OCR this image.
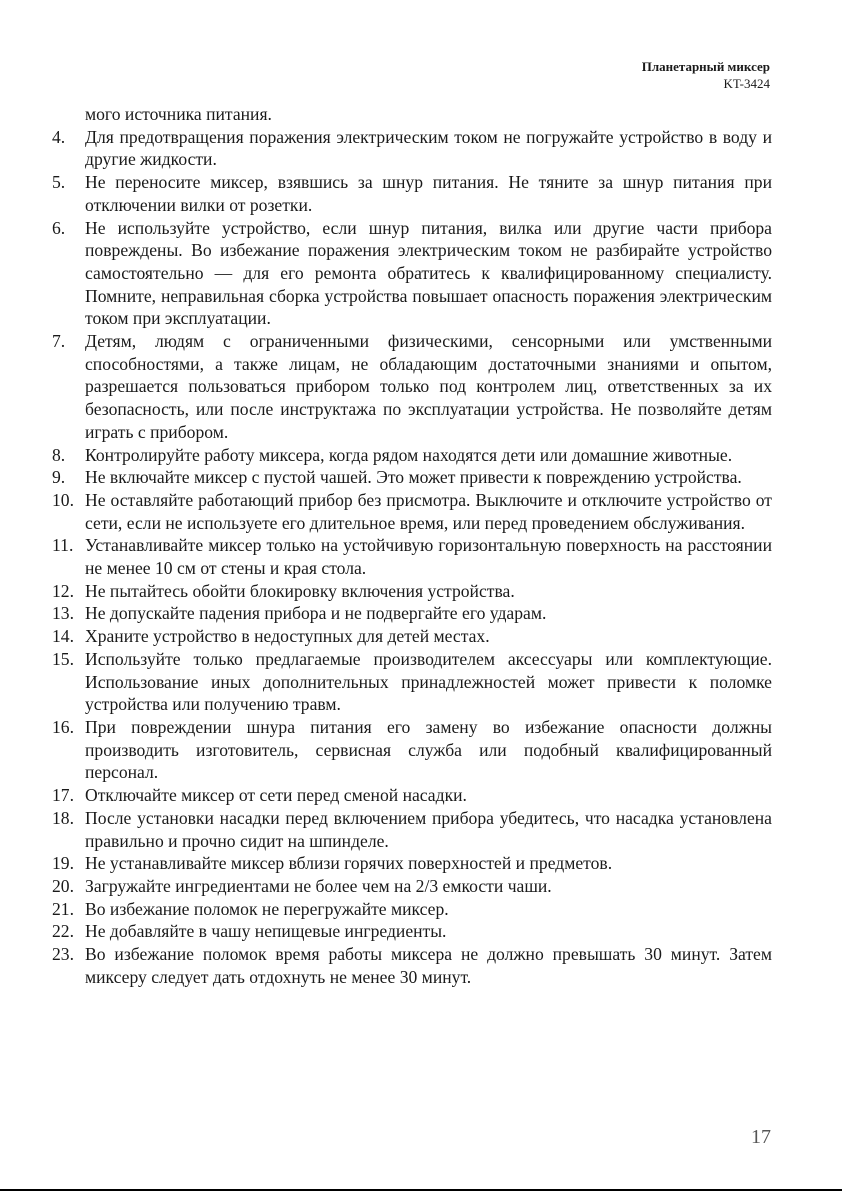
Планетарный миксер
KT-3424
мого источника питания.
4.	Для предотвращения поражения электрическим током не погружайте устройство в воду и другие жидкости.
5.	Не переносите миксер, взявшись за шнур питания. Не тяните за шнур питания при отключении вилки от розетки.
6.	Не используйте устройство, если шнур питания, вилка или другие части прибора повреждены. Во избежание поражения электрическим током не разбирайте устройство самостоятельно — для его ремонта обратитесь к квалифицированному специалисту. Помните, неправильная сборка устройства повышает опасность поражения электрическим током при эксплуатации.
7.	Детям, людям с ограниченными физическими, сенсорными или умственными способностями, а также лицам, не обладающим достаточными знаниями и опытом, разрешается пользоваться прибором только под контролем лиц, ответственных за их безопасность, или после инструктажа по эксплуатации устройства. Не позволяйте детям играть с прибором.
8.	Контролируйте работу миксера, когда рядом находятся дети или домашние животные.
9.	Не включайте миксер с пустой чашей. Это может привести к повреждению устройства.
10. Не оставляйте работающий прибор без присмотра. Выключите и отключите устройство от сети, если не используете его длительное время, или перед проведением обслуживания.
11. Устанавливайте миксер только на устойчивую горизонтальную поверхность на расстоянии не менее 10 см от стены и края стола.
12. Не пытайтесь обойти блокировку включения устройства.
13. Не допускайте падения прибора и не подвергайте его ударам.
14. Храните устройство в недоступных для детей местах.
15. Используйте только предлагаемые производителем аксессуары или комплектующие. Использование иных дополнительных принадлежностей может привести к поломке устройства или получению травм.
16. При повреждении шнура питания его замену во избежание опасности должны производить изготовитель, сервисная служба или подобный квалифицированный персонал.
17. Отключайте миксер от сети перед сменой насадки.
18. После установки насадки перед включением прибора убедитесь, что насадка установлена правильно и прочно сидит на шпинделе.
19. Не устанавливайте миксер вблизи горячих поверхностей и предметов.
20. Загружайте ингредиентами не более чем на 2/3 емкости чаши.
21. Во избежание поломок не перегружайте миксер.
22. Не добавляйте в чашу непищевые ингредиенты.
23. Во избежание поломок время работы миксера не должно превышать 30 минут. Затем миксеру следует дать отдохнуть не менее 30 минут.
17
